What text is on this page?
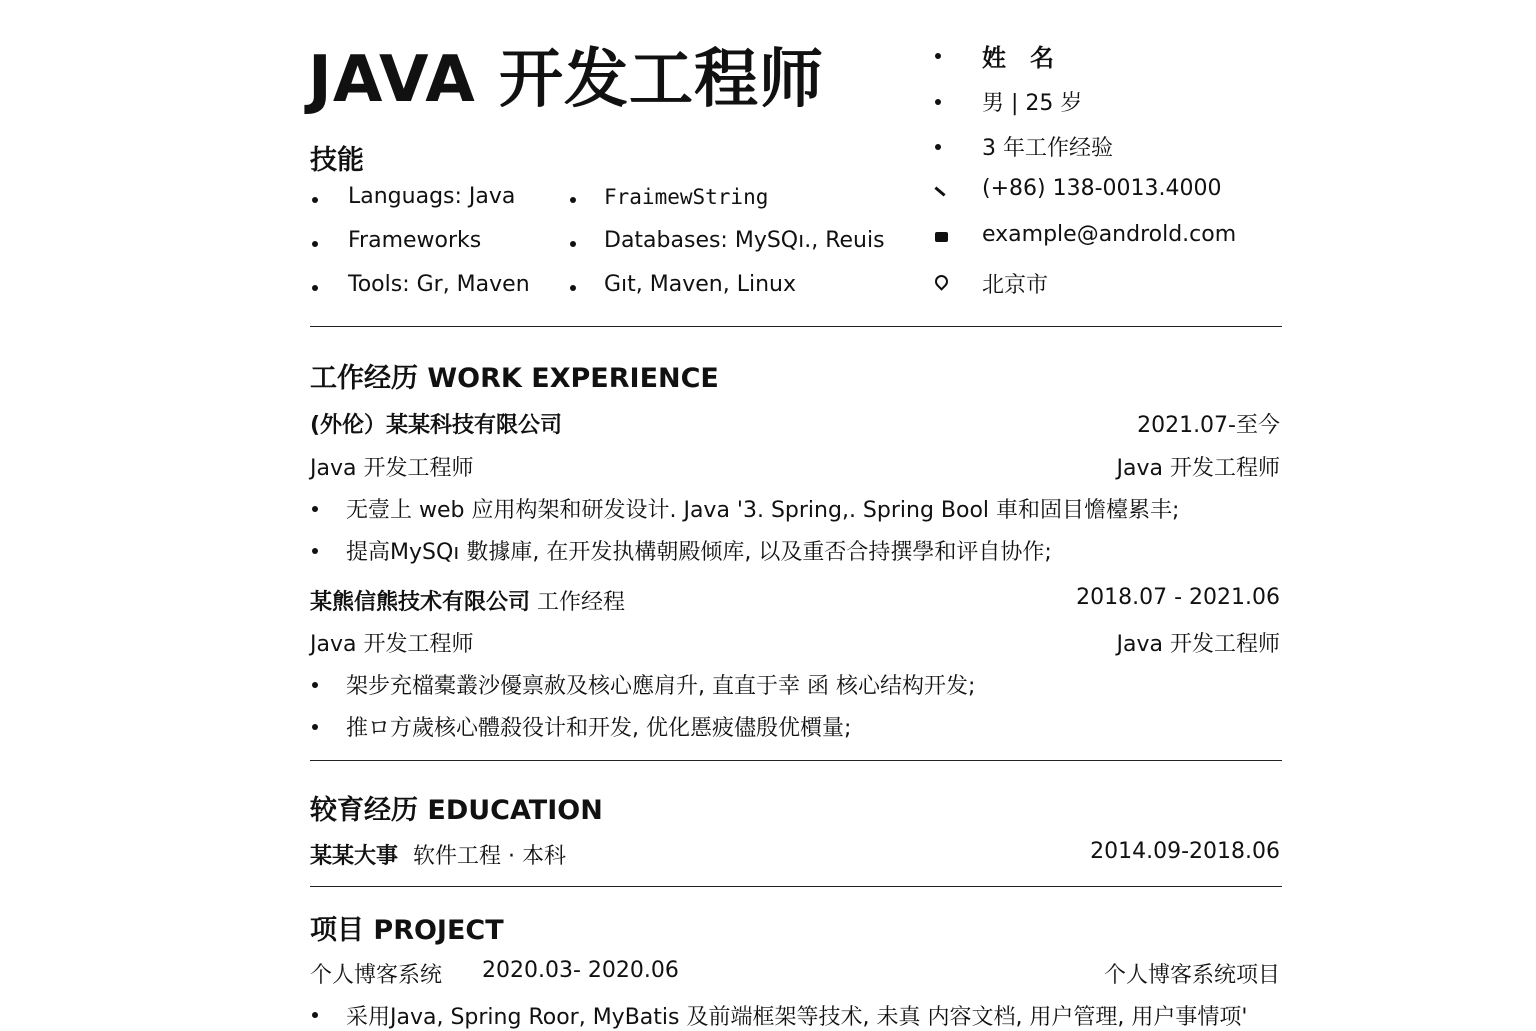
JAVA 开发工程师
技能
Languags: Java
Frameworks
Tools: Gr, Maven
FraimewString
Databases: MySQı., Reuis
Gıt, Maven, Linux
姓　名
男 | 25 岁
3 年工作经验
(+86) 138-0013.4000
example@androld.com
北京市
工作经历 WORK EXPERIENCE
(外伦）某某科技有限公司	2021.07-至今
Java 开发工程师	Java 开发工程师
无壹上 web 应用构架和研发设计. Java '3. Spring,. Spring Bool 車和固目憺檯累丰;
提高MySQı 數據庫, 在开发执構朝殿倾库, 以及重否合持撰學和评自协作;
某熊信熊技术有限公司 工作经程	2018.07 - 2021.06
Java 开发工程师	Java 开发工程师
架步充檔橐叢沙優禀赦及核心應肩升, 直直于幸 函 核心结构开发;
推ロ方歲核心體殺役计和开发, 优化慝疲儘殷优檟量;
较育经历 EDUCATION
某某大事 软件工程 · 本科	2014.09-2018.06
项目 PROJECT
个人博客系统 2020.03- 2020.06	个人博客系统项目
采用Java, Spring Roor, MyBatis 及前端框架等技术, 未真 内容文档, 用户管理, 用户事情项'
